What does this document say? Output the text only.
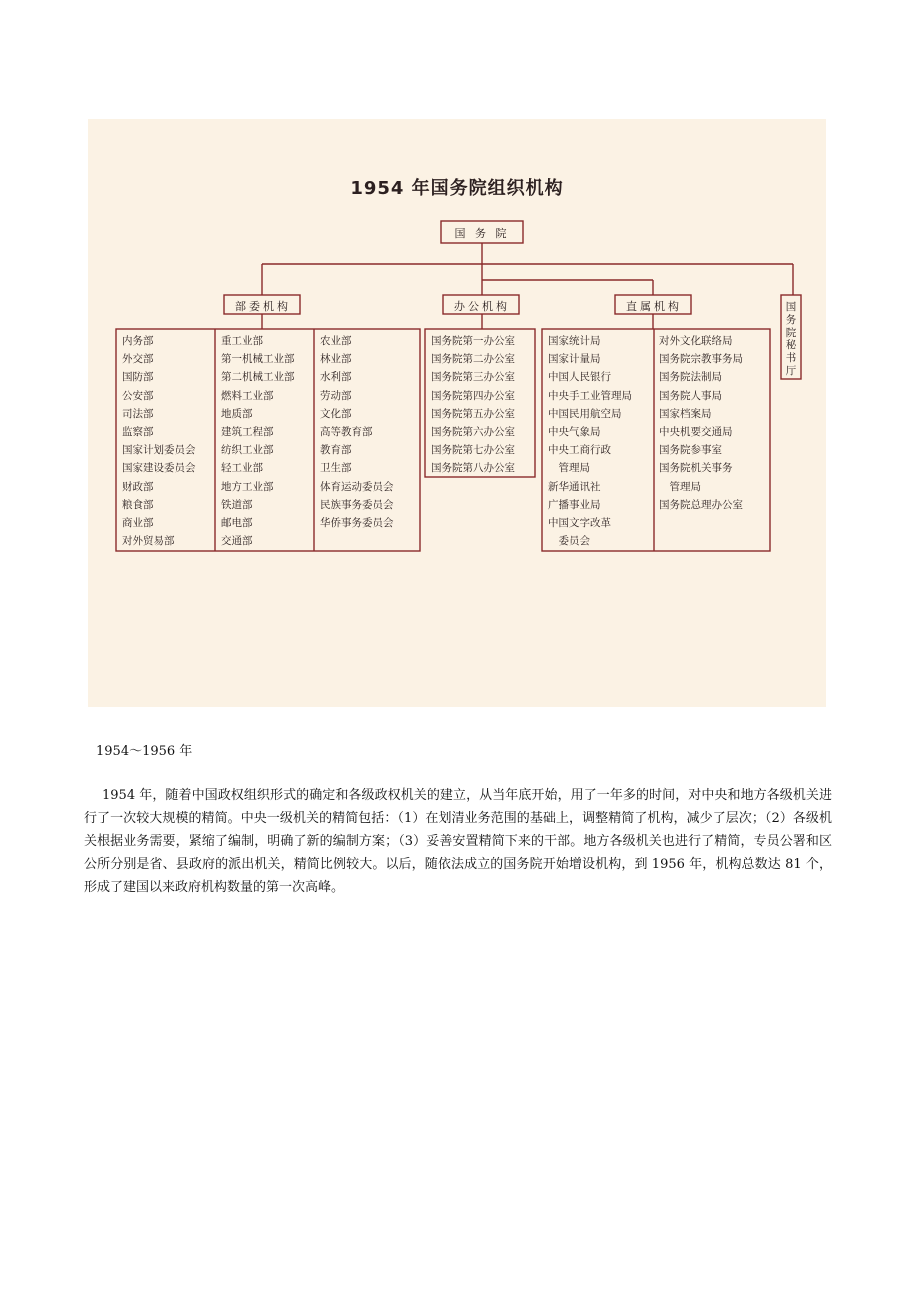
1954 年国务院组织机构
国 务 院
部委机构	办公机构	直属机构	国
务
院
秘
书
厅
内务部
外交部
国防部
公安部
司法部
监察部
国家计划委员会
国家建设委员会
财政部
粮食部
商业部
对外贸易部
重工业部
第一机械工业部
第二机械工业部
燃料工业部
地质部
建筑工程部
纺织工业部
轻工业部
地方工业部
铁道部
邮电部
交通部
农业部
林业部
水利部
劳动部
文化部
高等教育部
教育部
卫生部
体育运动委员会
民族事务委员会
华侨事务委员会
国务院第一办公室
国务院第二办公室
国务院第三办公室
国务院第四办公室
国务院第五办公室
国务院第六办公室
国务院第七办公室
国务院第八办公室
国家统计局
国家计量局
中国人民银行
中央手工业管理局
中国民用航空局
中央气象局
中央工商行政
　管理局
新华通讯社
广播事业局
中国文字改革
　委员会
对外文化联络局
国务院宗教事务局
国务院法制局
国务院人事局
国家档案局
中央机要交通局
国务院参事室
国务院机关事务
　管理局
国务院总理办公室
1954～1956 年
1954 年，随着中国政权组织形式的确定和各级政权机关的建立，从当年底开始，用了一年多的时间，对中央和地方各级机关进行了一次较大规模的精简。中央一级机关的精简包括：（1）在划清业务范围的基础上，调整精简了机构，减少了层次；（2）各级机关根据业务需要，紧缩了编制，明确了新的编制方案；（3）妥善安置精简下来的干部。地方各级机关也进行了精简，专员公署和区公所分别是省、县政府的派出机关，精简比例较大。以后，随依法成立的国务院开始增设机构，到 1956 年，机构总数达 81 个，形成了建国以来政府机构数量的第一次高峰。
